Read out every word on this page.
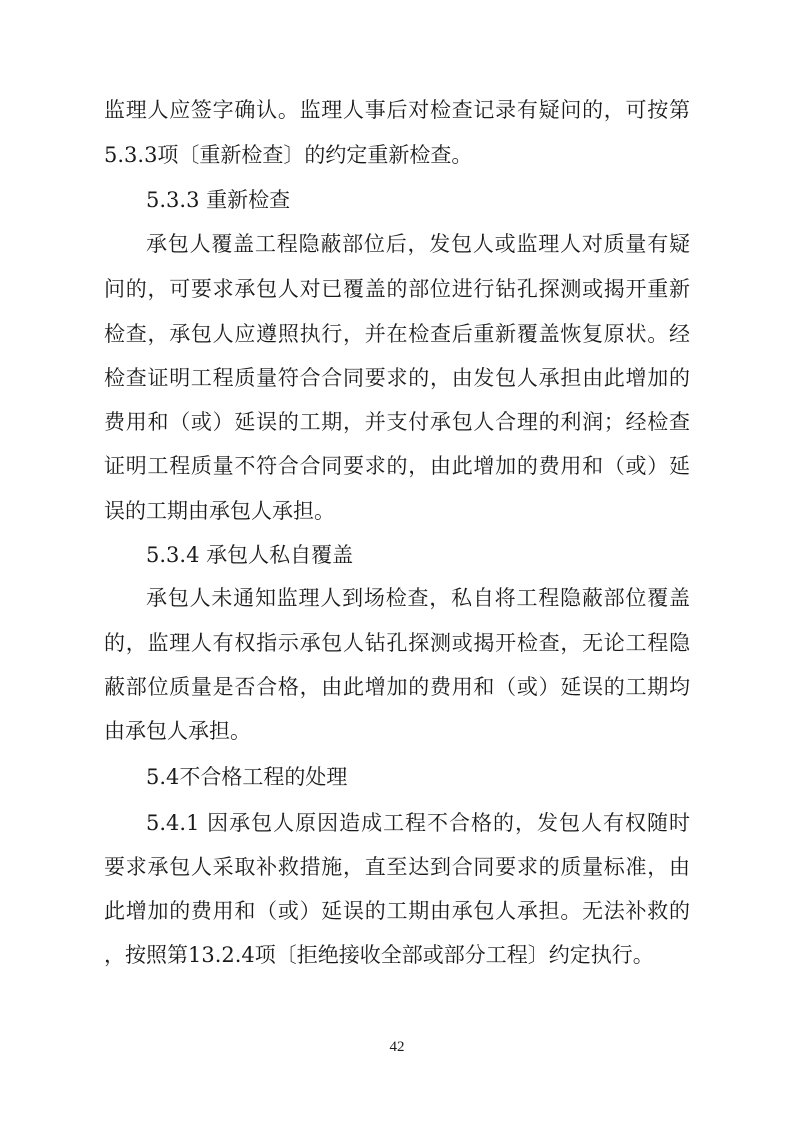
监理人应签字确认。监理人事后对检查记录有疑问的，可按第
5.3.3项〔重新检查〕的约定重新检查。
5.3.3 重新检查
承包人覆盖工程隐蔽部位后，发包人或监理人对质量有疑
问的，可要求承包人对已覆盖的部位进行钻孔探测或揭开重新
检查，承包人应遵照执行，并在检查后重新覆盖恢复原状。经
检查证明工程质量符合合同要求的，由发包人承担由此增加的
费用和（或）延误的工期，并支付承包人合理的利润；经检查
证明工程质量不符合合同要求的，由此增加的费用和（或）延
误的工期由承包人承担。
5.3.4 承包人私自覆盖
承包人未通知监理人到场检查，私自将工程隐蔽部位覆盖
的，监理人有权指示承包人钻孔探测或揭开检查，无论工程隐
蔽部位质量是否合格，由此增加的费用和（或）延误的工期均
由承包人承担。
5.4不合格工程的处理
5.4.1 因承包人原因造成工程不合格的，发包人有权随时
要求承包人采取补救措施，直至达到合同要求的质量标准，由
此增加的费用和（或）延误的工期由承包人承担。无法补救的
，按照第13.2.4项〔拒绝接收全部或部分工程〕约定执行。
42
